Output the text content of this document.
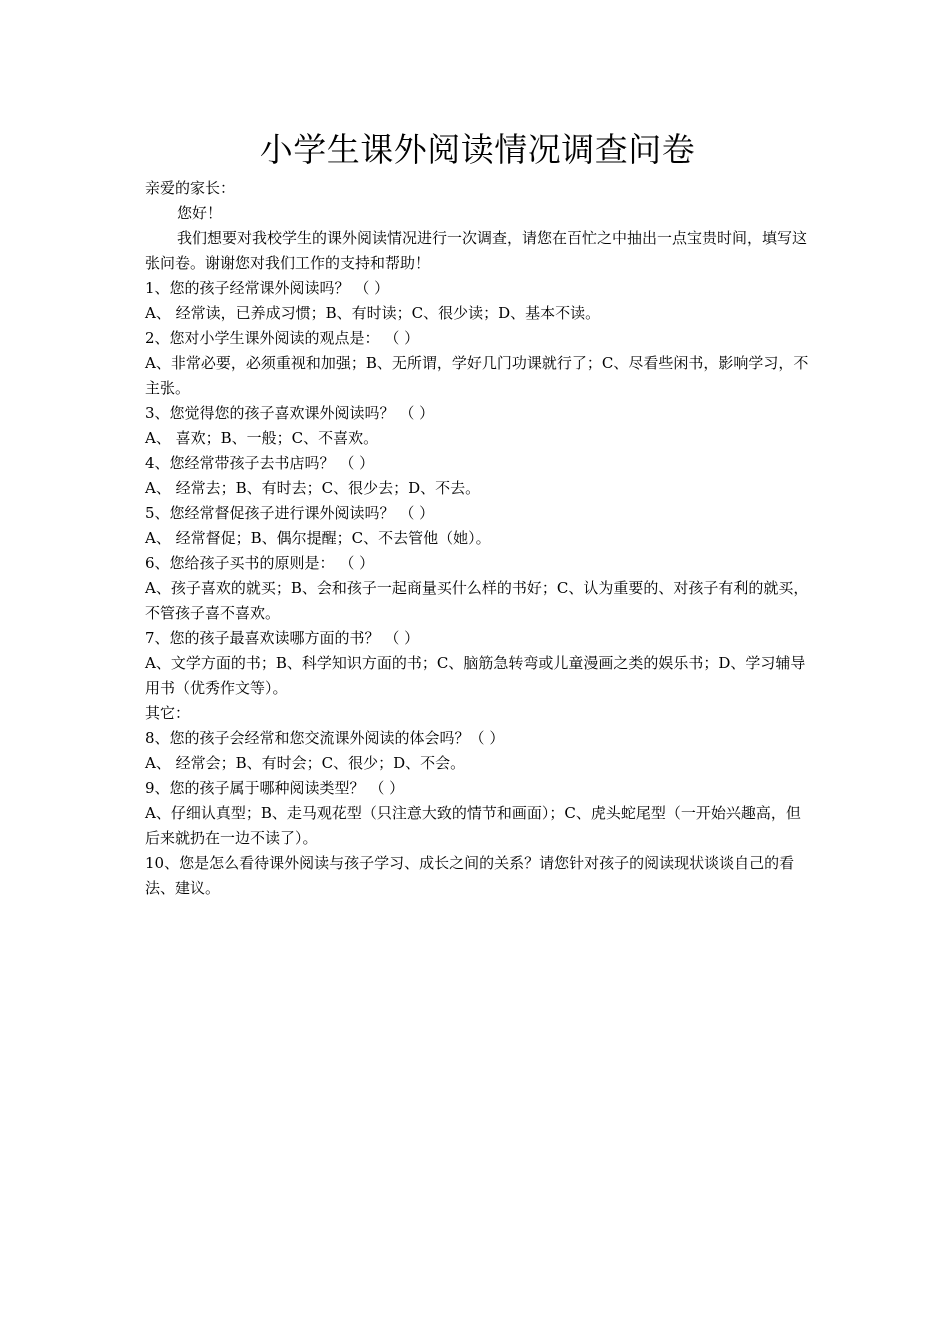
小学生课外阅读情况调查问卷

亲爱的家长：

您好！

我们想要对我校学生的课外阅读情况进行一次调查，请您在百忙之中抽出一点宝贵时间，填写这张问卷。谢谢您对我们工作的支持和帮助！

1、您的孩子经常课外阅读吗？ （ ）

A、 经常读，已养成习惯；B、有时读；C、很少读；D、基本不读。

2、您对小学生课外阅读的观点是： （ ）

A、非常必要，必须重视和加强；B、无所谓，学好几门功课就行了；C、尽看些闲书，影响学习，不主张。

3、您觉得您的孩子喜欢课外阅读吗？ （ ）

A、 喜欢；B、一般；C、不喜欢。

4、您经常带孩子去书店吗？ （ ）

A、 经常去；B、有时去；C、很少去；D、不去。

5、您经常督促孩子进行课外阅读吗？ （ ）

A、 经常督促；B、偶尔提醒；C、不去管他（她）。

6、您给孩子买书的原则是： （ ）

A、孩子喜欢的就买；B、会和孩子一起商量买什么样的书好；C、认为重要的、对孩子有利的就买，不管孩子喜不喜欢。

7、您的孩子最喜欢读哪方面的书？ （ ）

A、文学方面的书；B、科学知识方面的书；C、脑筋急转弯或儿童漫画之类的娱乐书；D、学习辅导用书（优秀作文等）。

其它：

8、您的孩子会经常和您交流课外阅读的体会吗？（ ）

A、 经常会；B、有时会；C、很少；D、不会。

9、您的孩子属于哪种阅读类型？ （ ）

A、仔细认真型；B、走马观花型（只注意大致的情节和画面）；C、虎头蛇尾型（一开始兴趣高，但后来就扔在一边不读了）。

10、您是怎么看待课外阅读与孩子学习、成长之间的关系？请您针对孩子的阅读现状谈谈自己的看法、建议。
